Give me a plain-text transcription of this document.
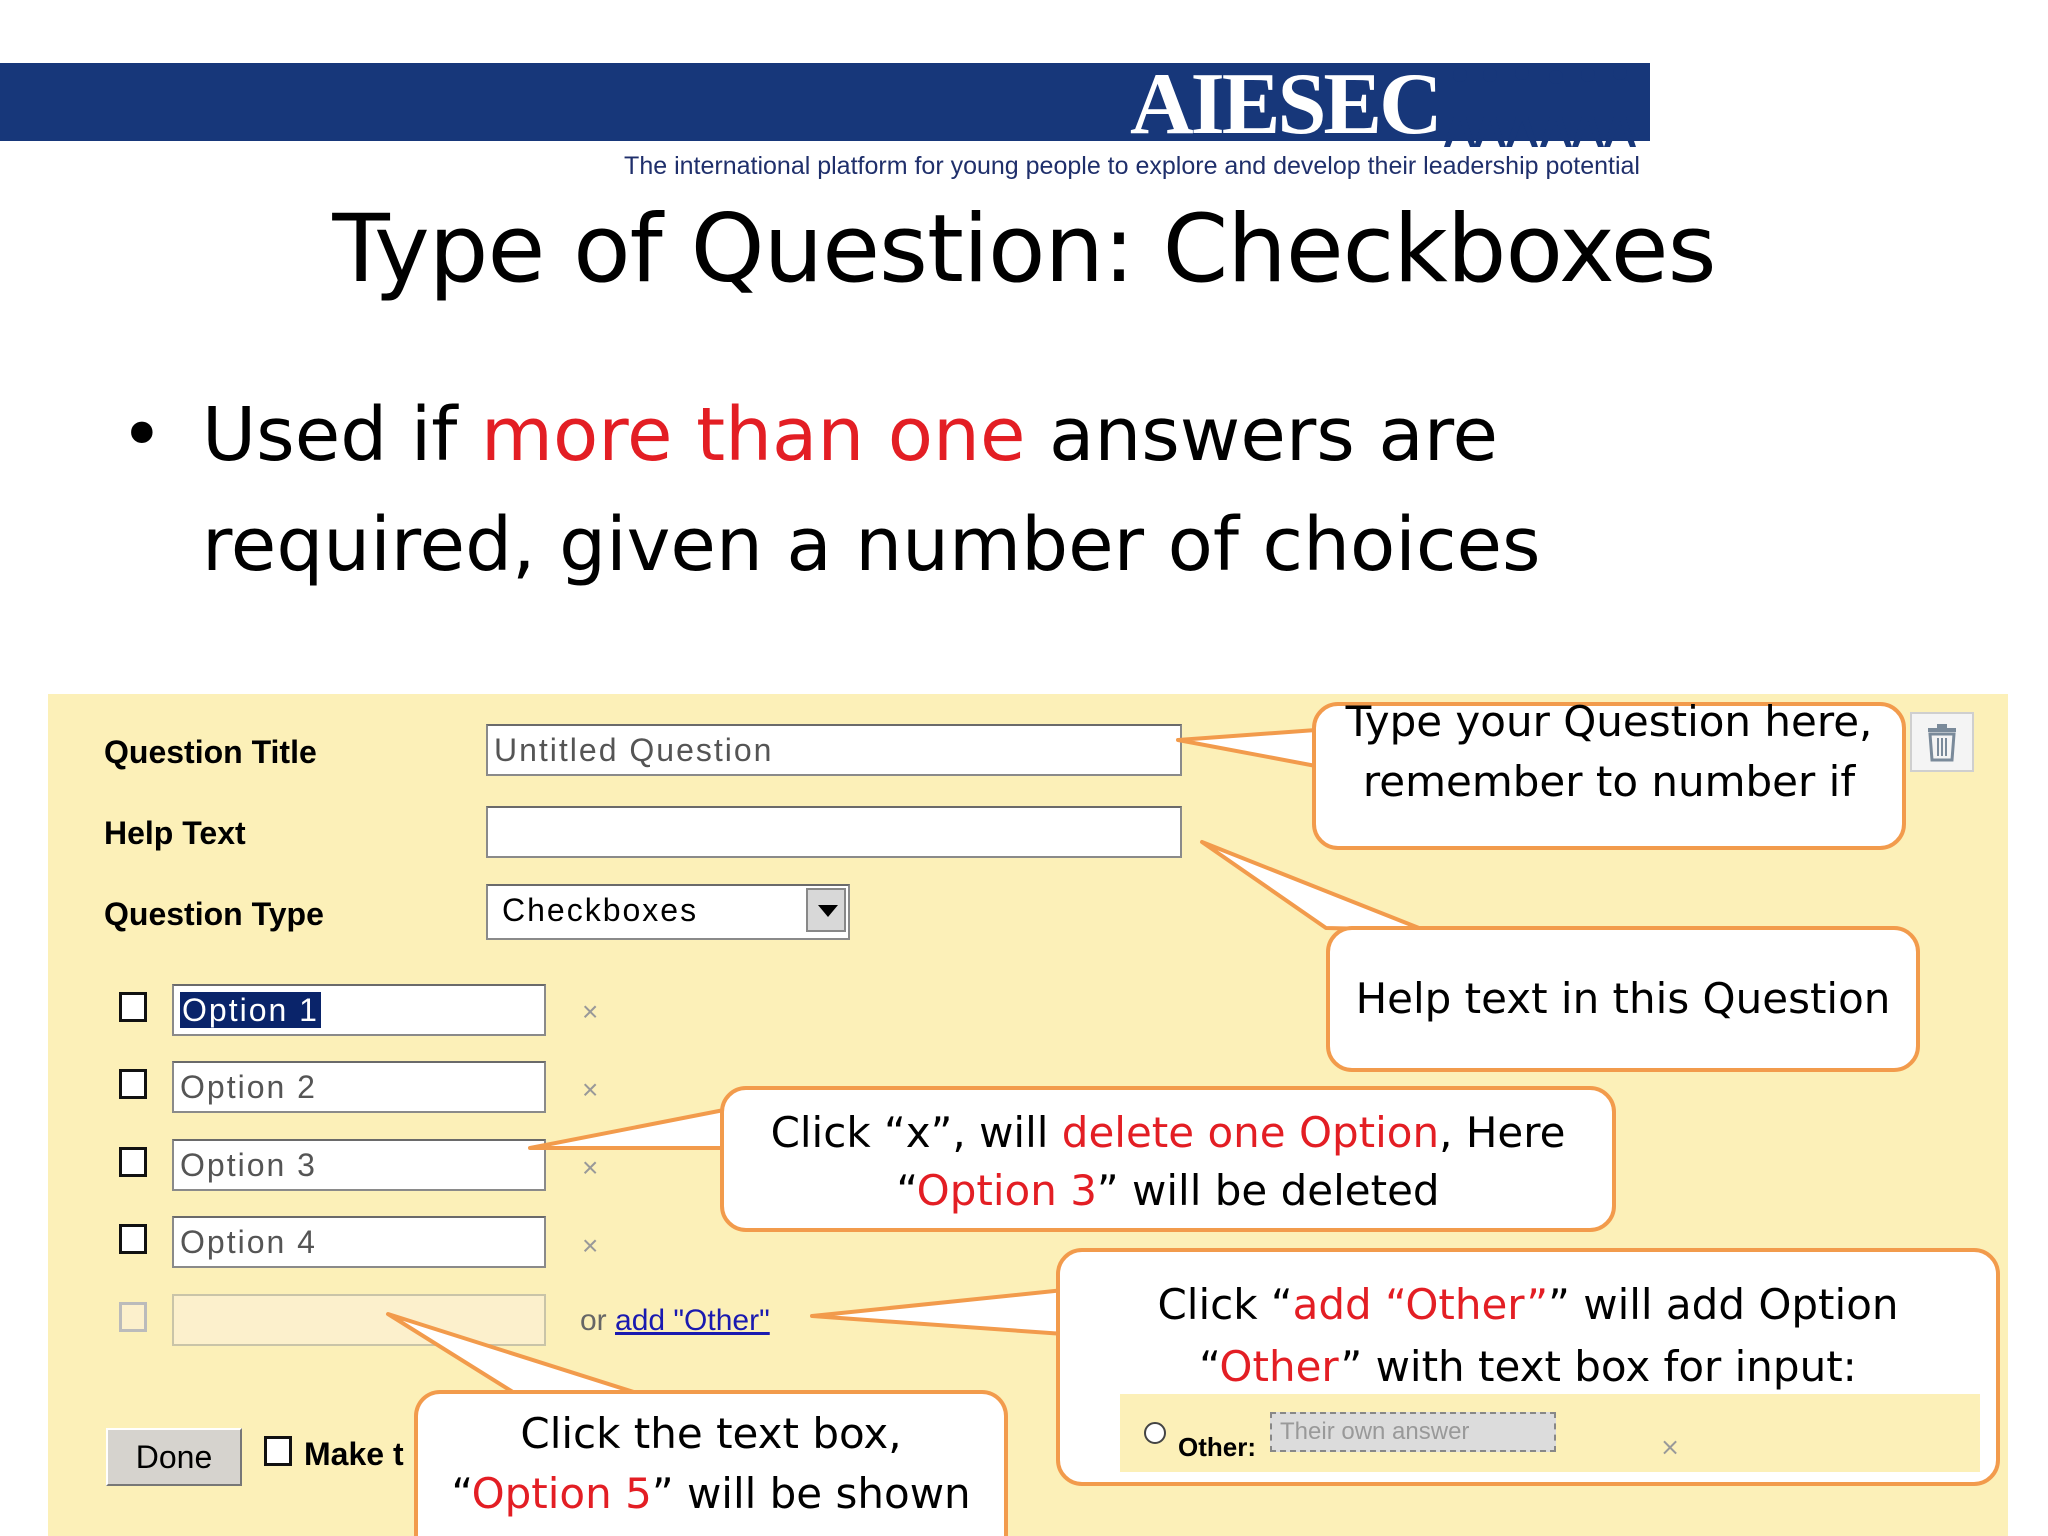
AIESEC
The international platform for young people to explore and develop their leadership potential
Type of Question: Checkboxes
• Used if more than one answers are
required, given a number of choices
Question Title	Untitled Question
Help Text
Question Type	Checkboxes
Option 1	×
Option 2	×
Option 3	×
Option 4	×
or add "Other"
Done	Make t
Type your Question here, remember to number if
Help text in this Question
Click “x”, will delete one Option, Here
“Option 3” will be deleted
Click “add “Other”” will add Option
“Other” with text box for input:
Other:
Their own answer
×
Click the text box,
“Option 5” will be shown
